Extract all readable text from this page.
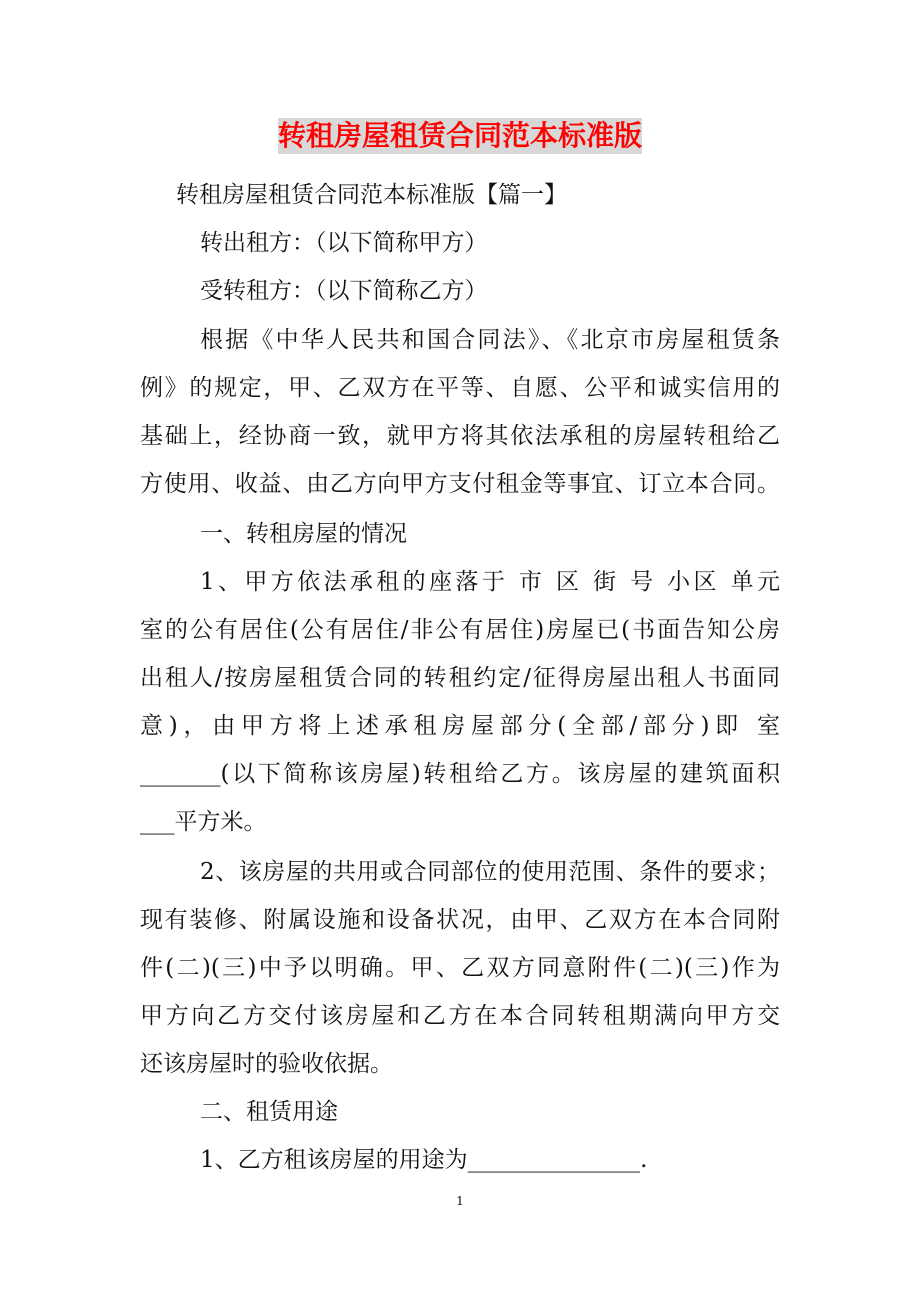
转租房屋租赁合同范本标准版
转租房屋租赁合同范本标准版【篇一】
转出租方：（以下简称甲方）
受转租方：（以下简称乙方）
根据《中华人民共和国合同法》、《北京市房屋租赁条
例》的规定，甲、乙双方在平等、自愿、公平和诚实信用的
基础上，经协商一致，就甲方将其依法承租的房屋转租给乙
方使用、收益、由乙方向甲方支付租金等事宜、订立本合同。
一、转租房屋的情况
1、甲方依法承租的座落于 市 区 街 号 小区 单元
室的公有居住(公有居住/非公有居住)房屋已(书面告知公房
出租人/按房屋租赁合同的转租约定/征得房屋出租人书面同
意)，由甲方将上述承租房屋部分(全部/部分)即 室
_______(以下简称该房屋)转租给乙方。该房屋的建筑面积
___平方米。
2、该房屋的共用或合同部位的使用范围、条件的要求；
现有装修、附属设施和设备状况，由甲、乙双方在本合同附
件(二)(三)中予以明确。甲、乙双方同意附件(二)(三)作为
甲方向乙方交付该房屋和乙方在本合同转租期满向甲方交
还该房屋时的验收依据。
二、租赁用途
1、乙方租该房屋的用途为_______________.
1
